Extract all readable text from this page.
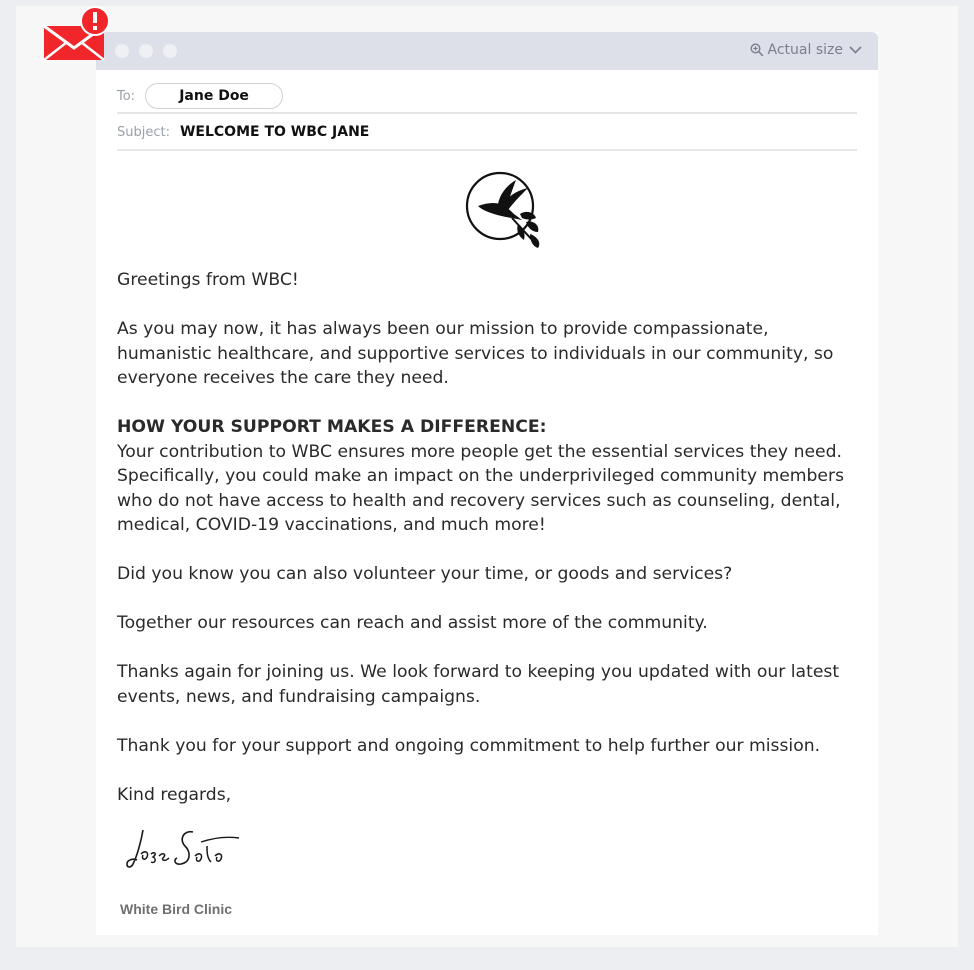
Actual size
To:	Jane Doe
Subject: WELCOME TO WBC JANE

Greetings from WBC!

As you may now, it has always been our mission to provide compassionate, humanistic healthcare, and supportive services to individuals in our community, so everyone receives the care they need.

HOW YOUR SUPPORT MAKES A DIFFERENCE:

Your contribution to WBC ensures more people get the essential services they need. Specifically, you could make an impact on the underprivileged community members who do not have access to health and recovery services such as counseling, dental, medical, COVID-19 vaccinations, and much more!

Did you know you can also volunteer your time, or goods and services?

Together our resources can reach and assist more of the community.

Thanks again for joining us. We look forward to keeping you updated with our latest events, news, and fundraising campaigns.

Thank you for your support and ongoing commitment to help further our mission.

Kind regards,
White Bird Clinic
